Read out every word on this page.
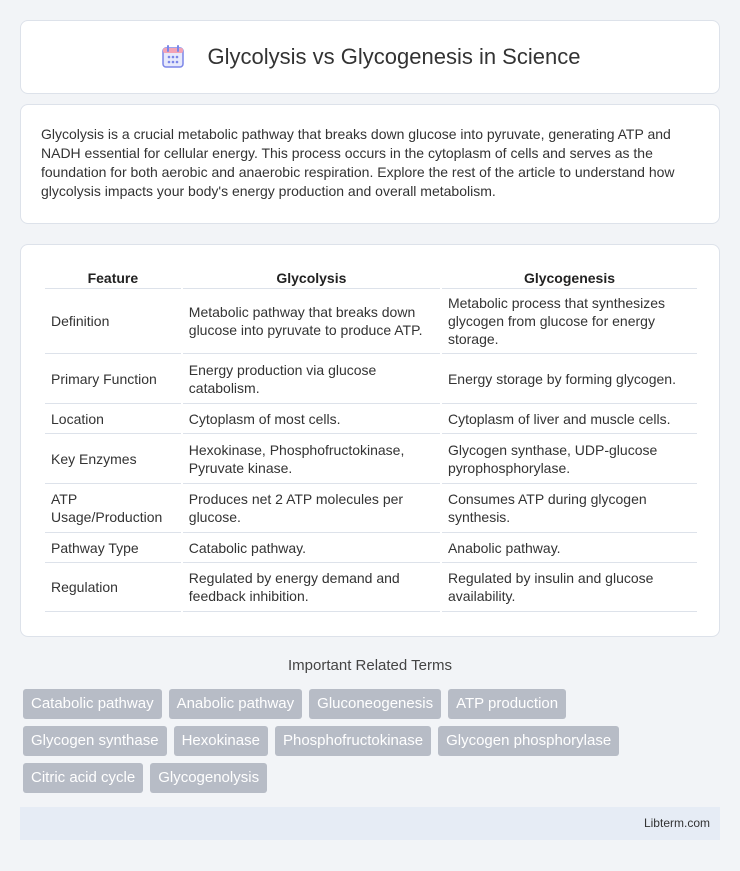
Glycolysis vs Glycogenesis in Science

Glycolysis is a crucial metabolic pathway that breaks down glucose into pyruvate, generating ATP and NADH essential for cellular energy. This process occurs in the cytoplasm of cells and serves as the foundation for both aerobic and anaerobic respiration. Explore the rest of the article to understand how glycolysis impacts your body's energy production and overall metabolism.

Feature	Glycolysis	Glycogenesis
Definition	Metabolic pathway that breaks down glucose into pyruvate to produce ATP.	Metabolic process that synthesizes glycogen from glucose for energy storage.
Primary Function	Energy production via glucose catabolism.	Energy storage by forming glycogen.
Location	Cytoplasm of most cells.	Cytoplasm of liver and muscle cells.
Key Enzymes	Hexokinase, Phosphofructokinase, Pyruvate kinase.	Glycogen synthase, UDP-glucose pyrophosphorylase.
ATP Usage/Production	Produces net 2 ATP molecules per glucose.	Consumes ATP during glycogen synthesis.
Pathway Type	Catabolic pathway.	Anabolic pathway.
Regulation	Regulated by energy demand and feedback inhibition.	Regulated by insulin and glucose availability.
Important Related Terms
Catabolic pathway	Anabolic pathway	Gluconeogenesis	ATP production
Glycogen synthase	Hexokinase	Phosphofructokinase	Glycogen phosphorylase
Citric acid cycle	Glycogenolysis
Libterm.com
